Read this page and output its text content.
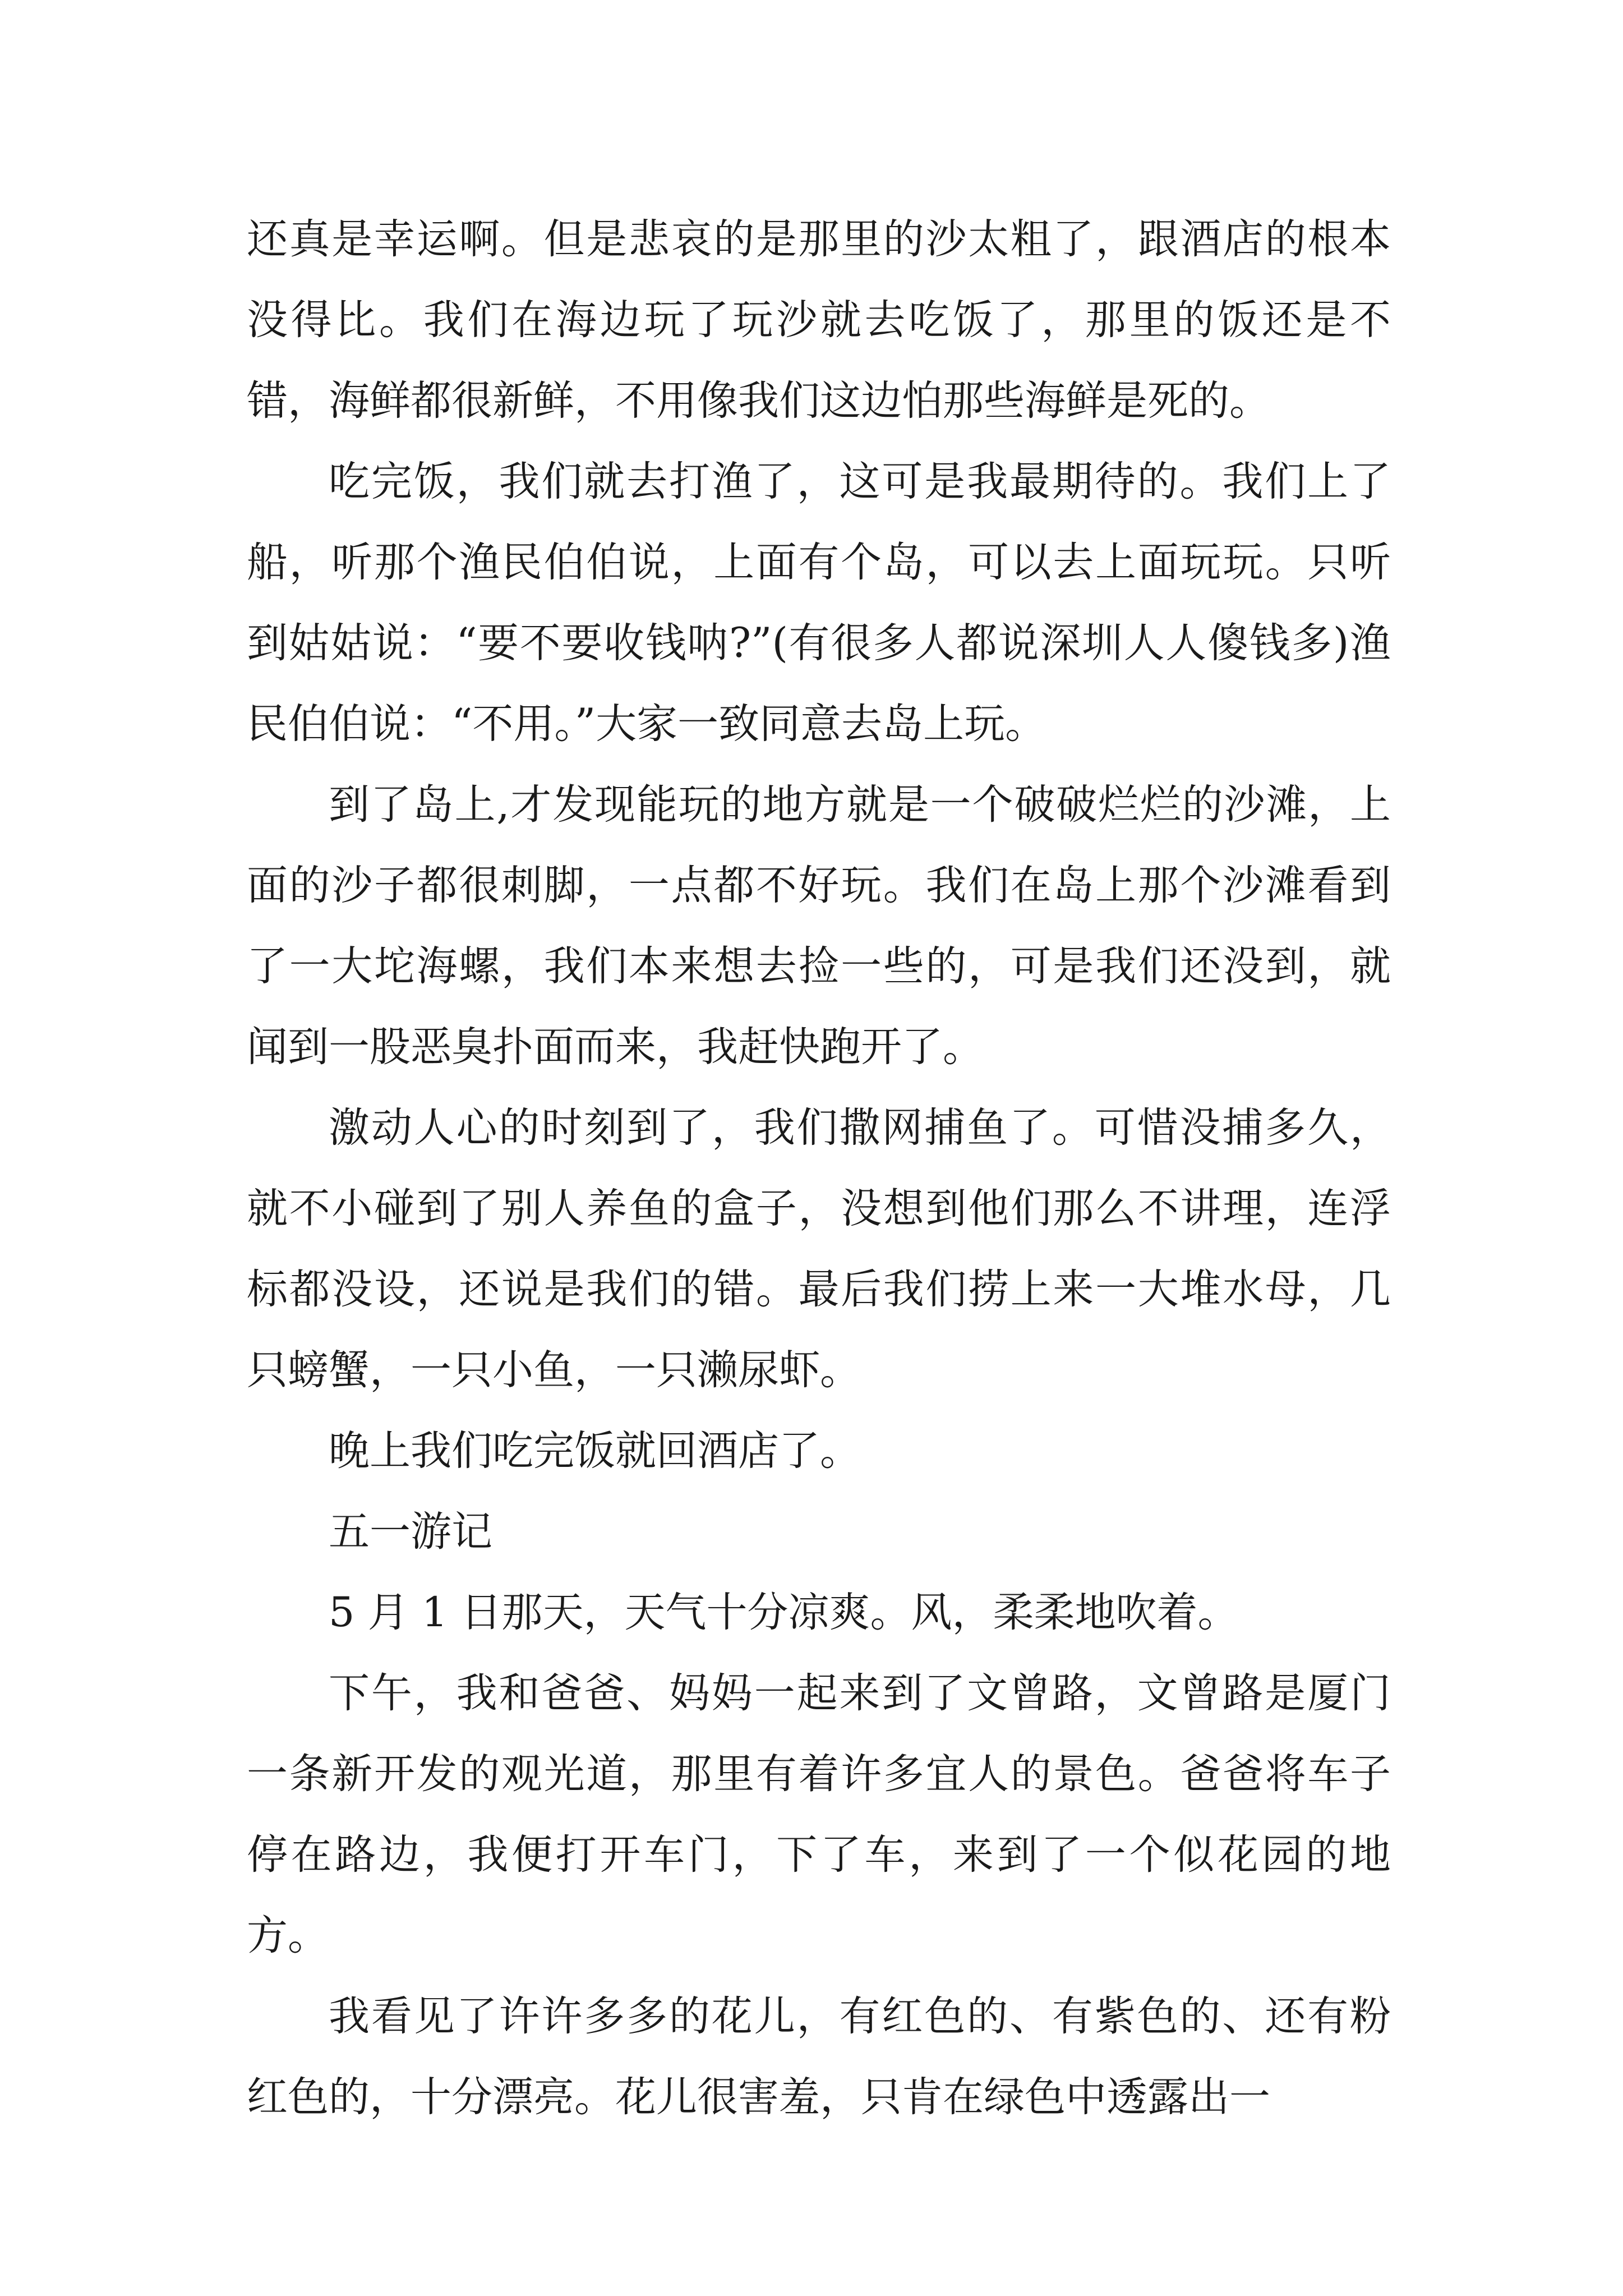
还真是幸运啊。但是悲哀的是那里的沙太粗了，跟酒店的根本没得比。我们在海边玩了玩沙就去吃饭了，那里的饭还是不错，海鲜都很新鲜，不用像我们这边怕那些海鲜是死的。

吃完饭，我们就去打渔了，这可是我最期待的。我们上了船，听那个渔民伯伯说，上面有个岛，可以去上面玩玩。只听到姑姑说：“要不要收钱呐?”(有很多人都说深圳人人傻钱多)渔民伯伯说：“不用。”大家一致同意去岛上玩。

到了岛上,才发现能玩的地方就是一个破破烂烂的沙滩，上面的沙子都很刺脚，一点都不好玩。我们在岛上那个沙滩看到了一大坨海螺，我们本来想去捡一些的，可是我们还没到，就闻到一股恶臭扑面而来，我赶快跑开了。

激动人心的时刻到了，我们撒网捕鱼了。可惜没捕多久，就不小碰到了别人养鱼的盒子，没想到他们那么不讲理，连浮标都没设，还说是我们的错。最后我们捞上来一大堆水母，几只螃蟹，一只小鱼，一只濑尿虾。

晚上我们吃完饭就回酒店了。

五一游记

5 月 1 日那天，天气十分凉爽。风，柔柔地吹着。

下午，我和爸爸、妈妈一起来到了文曾路，文曾路是厦门一条新开发的观光道，那里有着许多宜人的景色。爸爸将车子停在路边，我便打开车门，下了车，来到了一个似花园的地方。

我看见了许许多多的花儿，有红色的、有紫色的、还有粉红色的，十分漂亮。花儿很害羞，只肯在绿色中透露出一
